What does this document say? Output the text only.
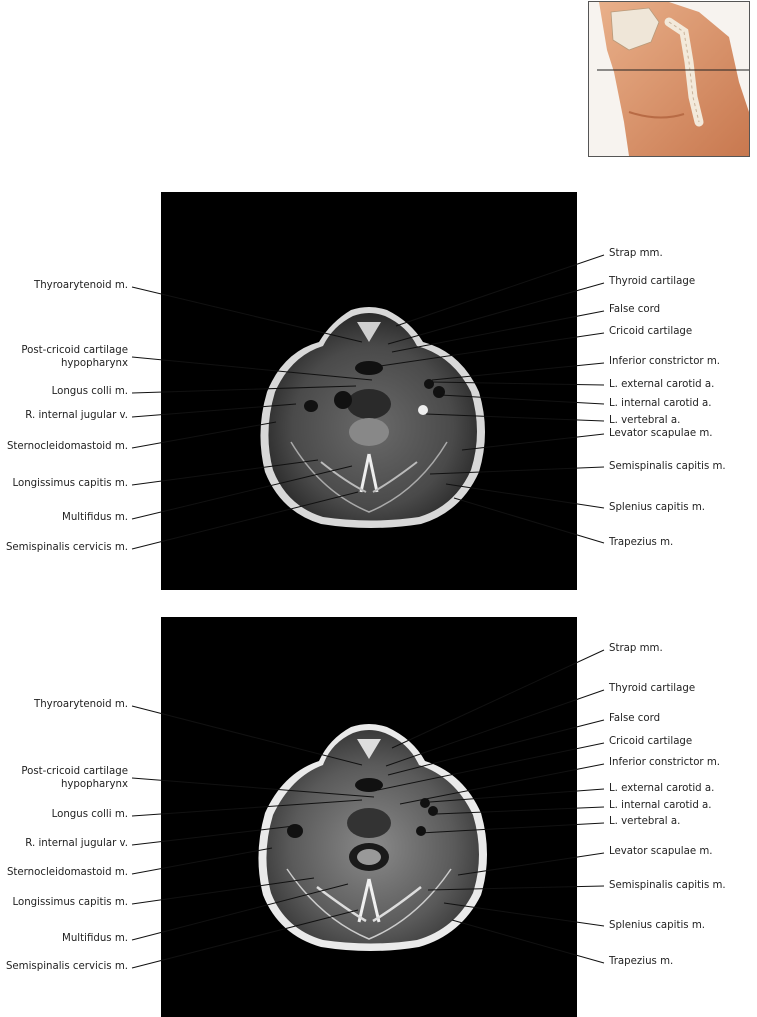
Thyroarytenoid m.
Post-cricoid cartilage
hypopharynx
Longus colli m.
R. internal jugular v.
Sternocleidomastoid m.
Longissimus capitis m.
Multifidus m.
Semispinalis cervicis m.
Strap mm.
Thyroid cartilage
False cord
Cricoid cartilage
Inferior constrictor m.
L. external carotid a.
L. internal carotid a.
L. vertebral a.
Levator scapulae m.
Semispinalis capitis m.
Splenius capitis m.
Trapezius m.
Thyroarytenoid m.
Post-cricoid cartilage
hypopharynx
Longus colli m.
R. internal jugular v.
Sternocleidomastoid m.
Longissimus capitis m.
Multifidus m.
Semispinalis cervicis m.
Strap mm.
Thyroid cartilage
False cord
Cricoid cartilage
Inferior constrictor m.
L. external carotid a.
L. internal carotid a.
L. vertebral a.
Levator scapulae m.
Semispinalis capitis m.
Splenius capitis m.
Trapezius m.
